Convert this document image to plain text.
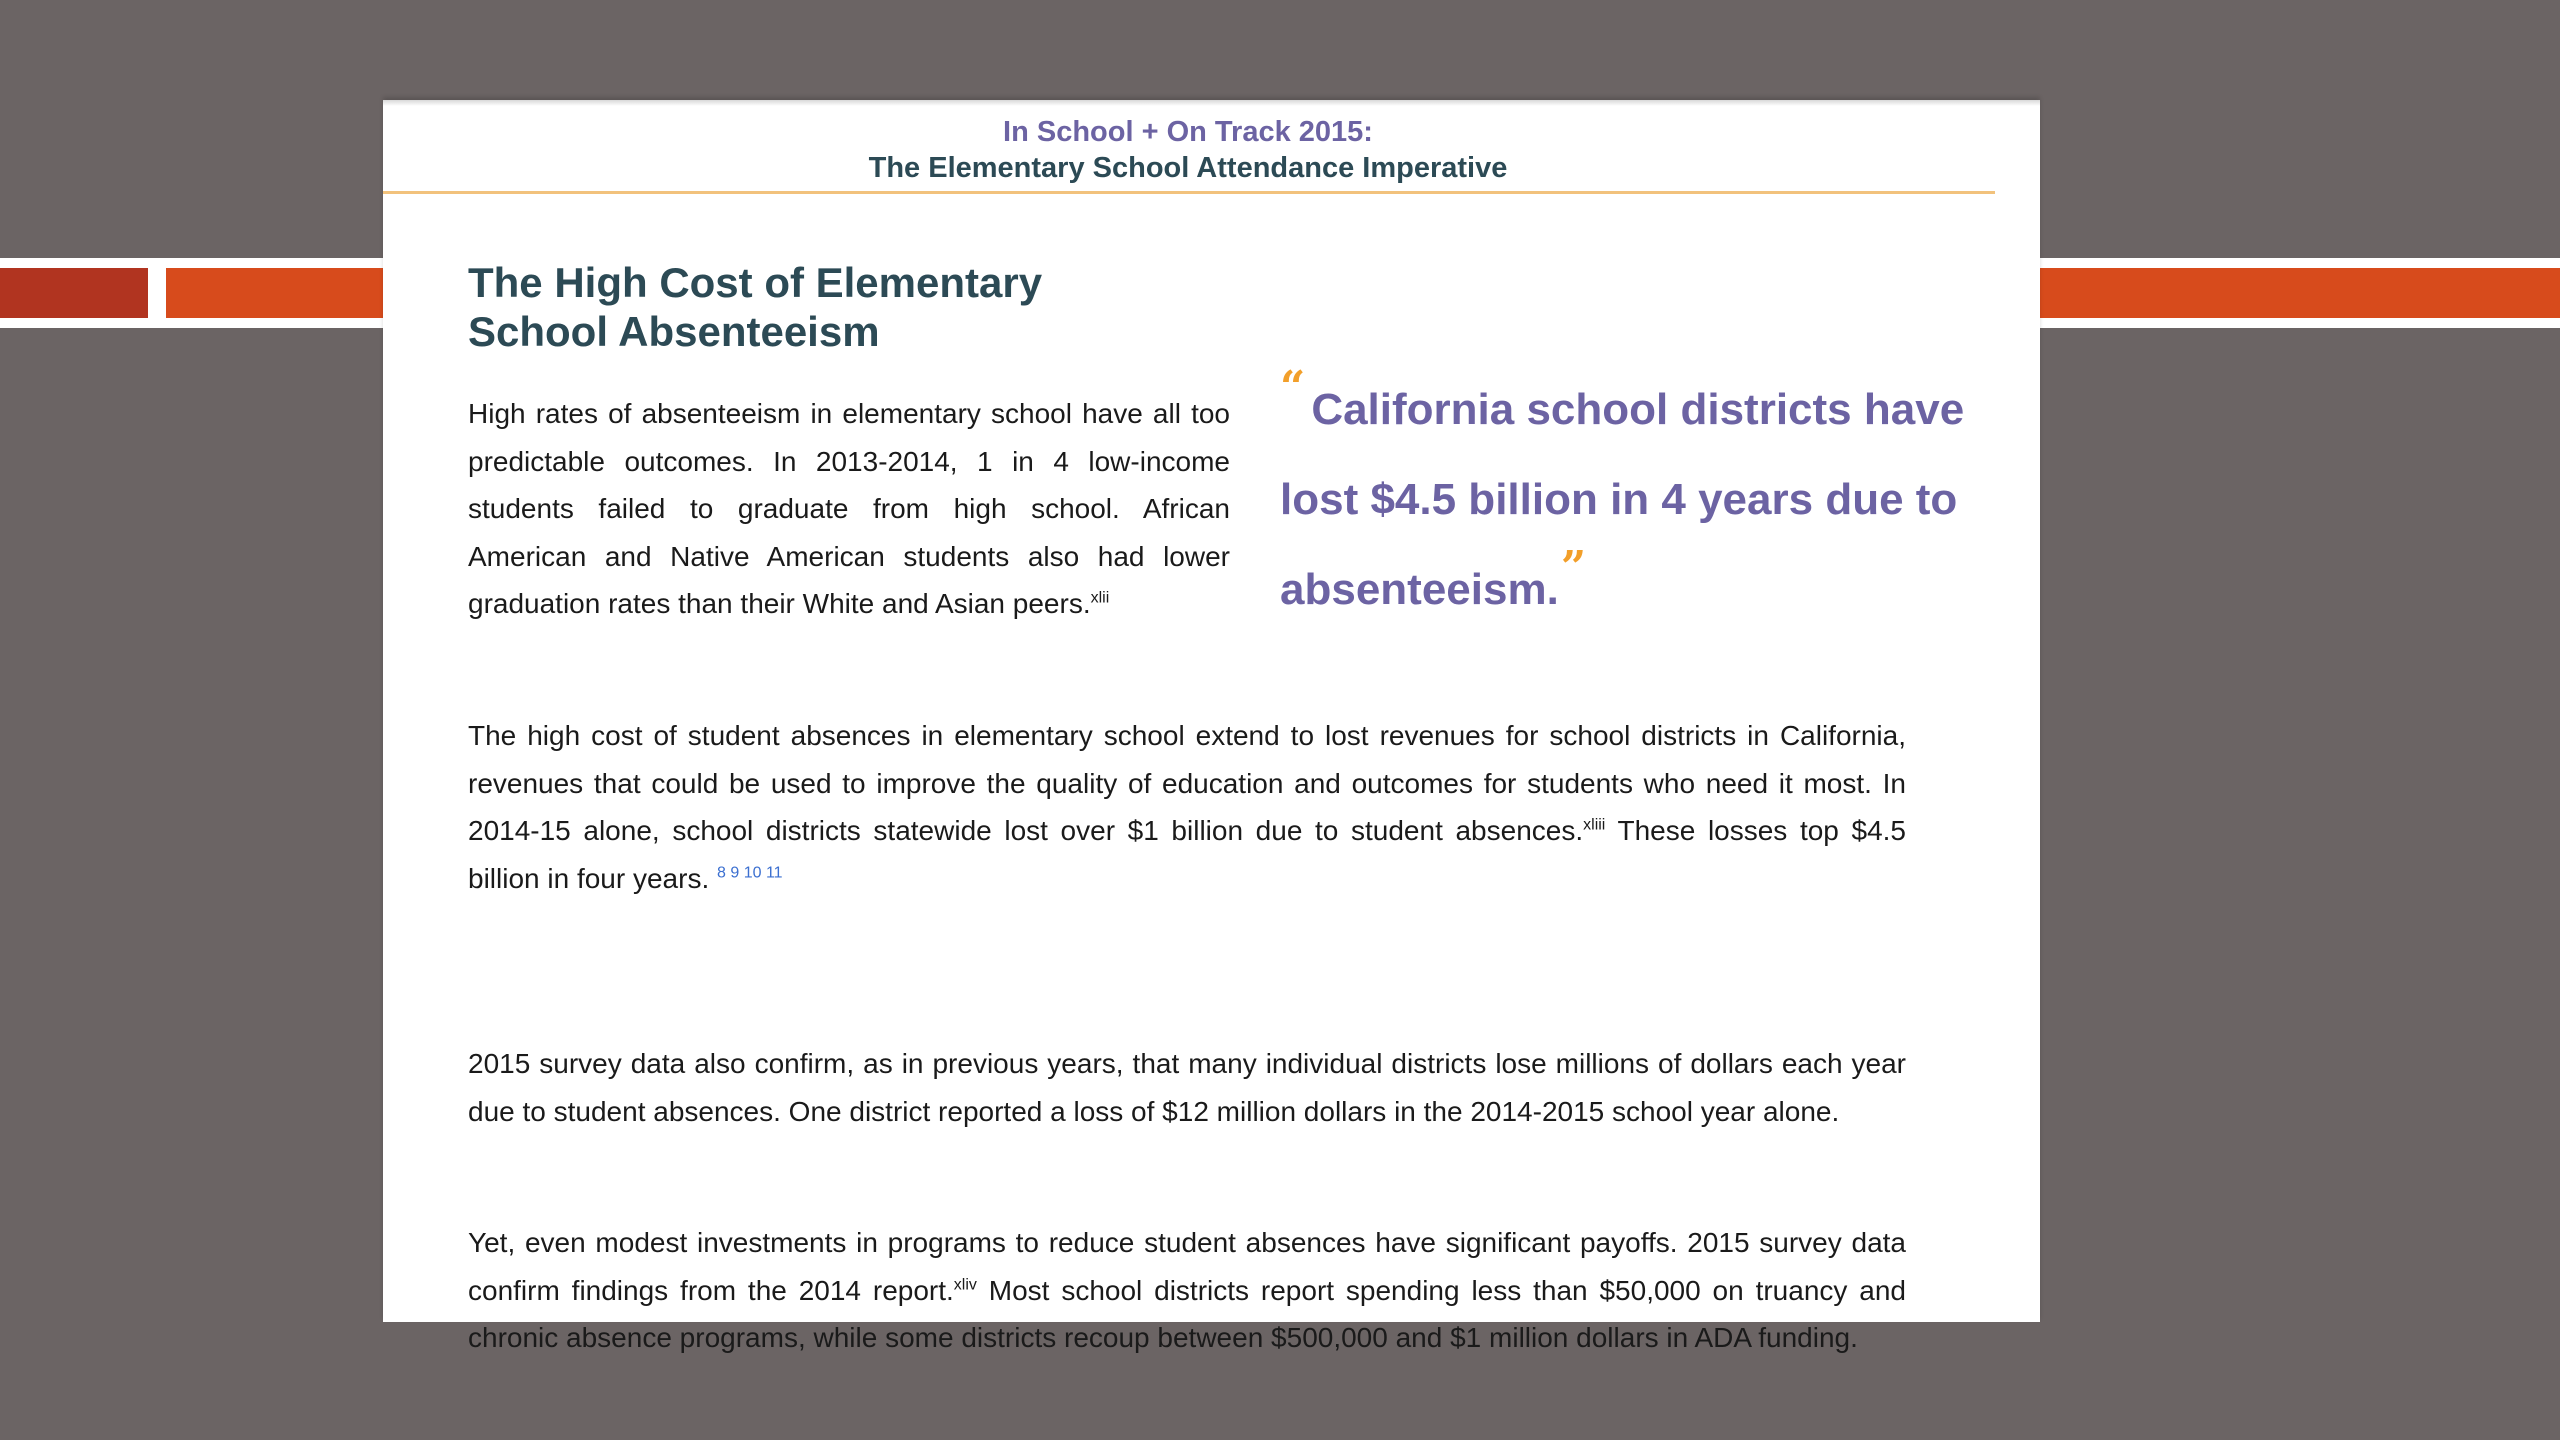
In School + On Track 2015:
The Elementary School Attendance Imperative
The High Cost of Elementary
School Absenteeism
High rates of absenteeism in elementary school have all too predictable outcomes. In 2013-2014, 1 in 4 low-income students failed to graduate from high school. African American and Native American students also had lower graduation rates than their White and Asian peers.$^{xlii}$
“ California school districts have lost $4.5 billion in 4 years due to absenteeism.”
The high cost of student absences in elementary school extend to lost revenues for school districts in California, revenues that could be used to improve the quality of education and outcomes for students who need it most. In 2014-15 alone, school districts statewide lost over $1 billion due to student absences.$^{xliii}$ These losses top $4.5 billion in four years. $^{8 9 10 11}$
2015 survey data also confirm, as in previous years, that many individual districts lose millions of dollars each year due to student absences. One district reported a loss of $12 million dollars in the 2014-2015 school year alone.
Yet, even modest investments in programs to reduce student absences have significant payoffs. 2015 survey data confirm findings from the 2014 report.$^{xliv}$ Most school districts report spending less than $50,000 on truancy and chronic absence programs, while some districts recoup between $500,000 and $1 million dollars in ADA funding.
